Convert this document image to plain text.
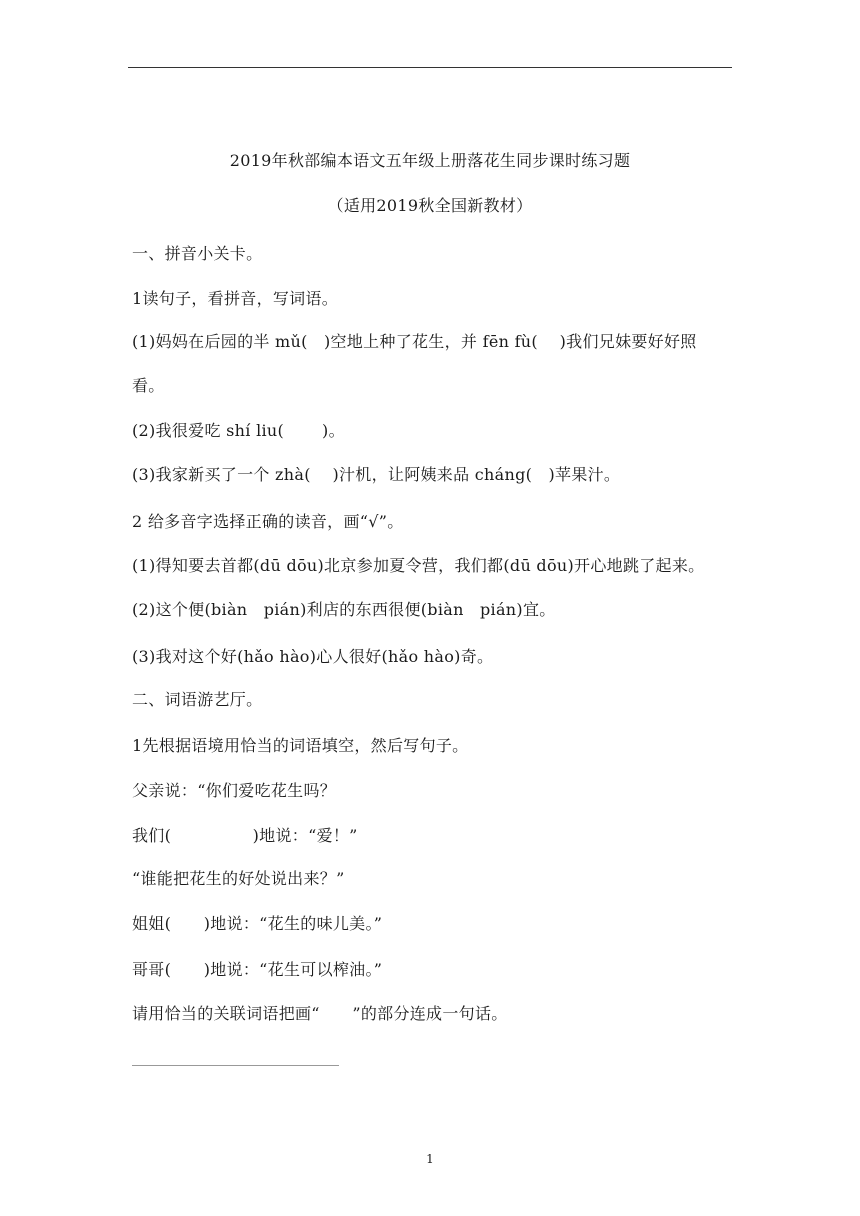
2019年秋部编本语文五年级上册落花生同步课时练习题
（适用2019秋全国新教材）
一、拼音小关卡。
1读句子，看拼音，写词语。
(1)妈妈在后园的半 mǔ(　)空地上种了花生，并 fēn fù(　 )我们兄妹要好好照
看。
(2)我很爱吃 shí liu(　　 )。
(3)我家新买了一个 zhà(　 )汁机，让阿姨来品 cháng(　)苹果汁。
2 给多音字选择正确的读音，画“√”。
(1)得知要去首都(dū dōu)北京参加夏令营，我们都(dū dōu)开心地跳了起来。
(2)这个便(biàn　pián)利店的东西很便(biàn　pián)宜。
(3)我对这个好(hǎo hào)心人很好(hǎo hào)奇。
二、词语游艺厅。
1先根据语境用恰当的词语填空，然后写句子。
父亲说：“你们爱吃花生吗？
我们(　　　　　)地说：“爱！”
“谁能把花生的好处说出来？”
姐姐(　　)地说：“花生的味儿美。”
哥哥(　　)地说：“花生可以榨油。”
请用恰当的关联词语把画“　　”的部分连成一句话。
1
